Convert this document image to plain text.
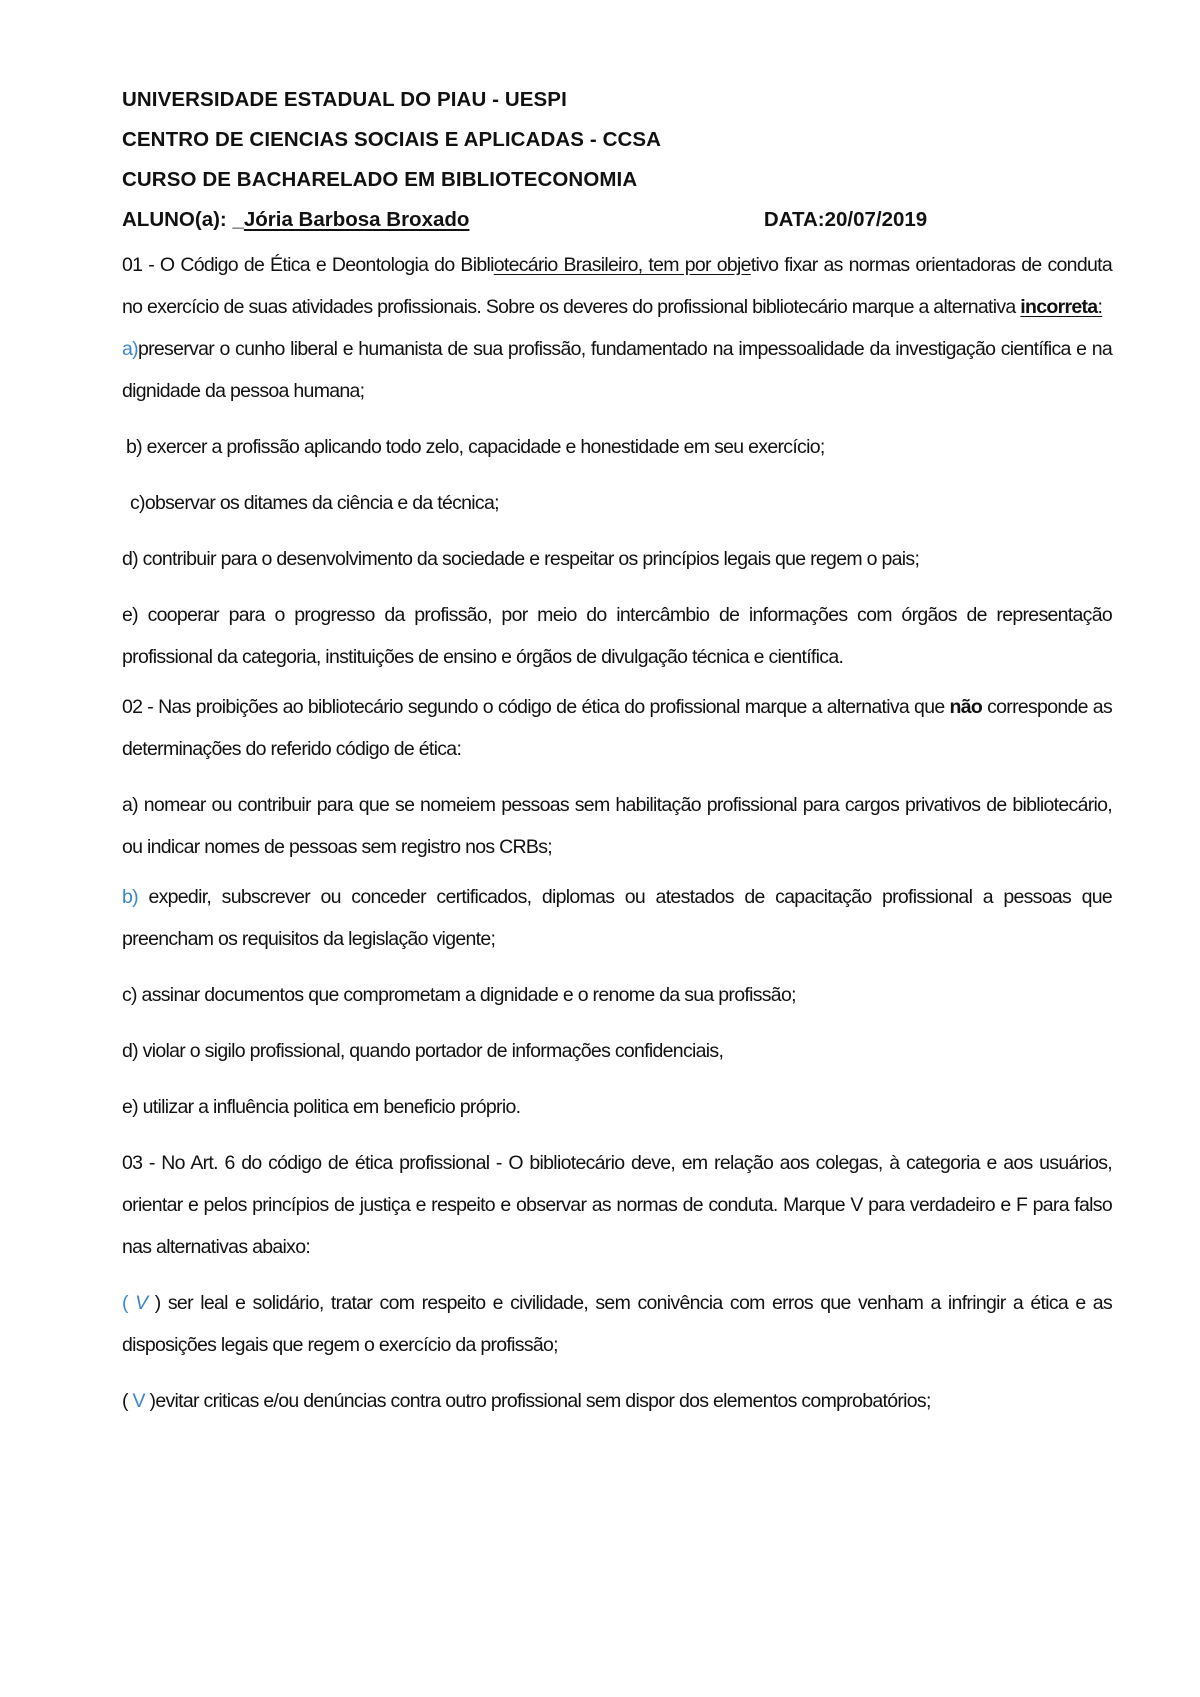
UNIVERSIDADE ESTADUAL DO PIAU - UESPI
CENTRO DE CIENCIAS SOCIAIS E APLICADAS - CCSA
CURSO DE BACHARELADO EM BIBLIOTECONOMIA
ALUNO(a): _ Jória Barbosa Broxado	DATA:20/07/2019

01 - O Código de Ética e Deontologia do Bibliotecário Brasileiro, tem por objetivo fixar as normas orientadoras de conduta no exercício de suas atividades profissionais. Sobre os deveres do profissional bibliotecário marque a alternativa incorreta:

a)preservar o cunho liberal e humanista de sua profissão, fundamentado na impessoalidade da investigação científica e na dignidade da pessoa humana;

b) exercer a profissão aplicando todo zelo, capacidade e honestidade em seu exercício;

c)observar os ditames da ciência e da técnica;

d) contribuir para o desenvolvimento da sociedade e respeitar os princípios legais que regem o pais;

e) cooperar para o progresso da profissão, por meio do intercâmbio de informações com órgãos de representação profissional da categoria, instituições de ensino e órgãos de divulgação técnica e científica.

02 - Nas proibições ao bibliotecário segundo o código de ética do profissional marque a alternativa que não corresponde as determinações do referido código de ética:

a) nomear ou contribuir para que se nomeiem pessoas sem habilitação profissional para cargos privativos de bibliotecário, ou indicar nomes de pessoas sem registro nos CRBs;

b) expedir, subscrever ou conceder certificados, diplomas ou atestados de capacitação profissional a pessoas que preencham os requisitos da legislação vigente;

c) assinar documentos que comprometam a dignidade e o renome da sua profissão;

d) violar o sigilo profissional, quando portador de informações confidenciais,

e) utilizar a influência politica em beneficio próprio.

03 - No Art. 6 do código de ética profissional - O bibliotecário deve, em relação aos colegas, à categoria e aos usuários, orientar e pelos princípios de justiça e respeito e observar as normas de conduta. Marque V para verdadeiro e F para falso nas alternativas abaixo:

( V ) ser leal e solidário, tratar com respeito e civilidade, sem conivência com erros que venham a infringir a ética e as disposições legais que regem o exercício da profissão;

( V )evitar criticas e/ou denúncias contra outro profissional sem dispor dos elementos comprobatórios;
